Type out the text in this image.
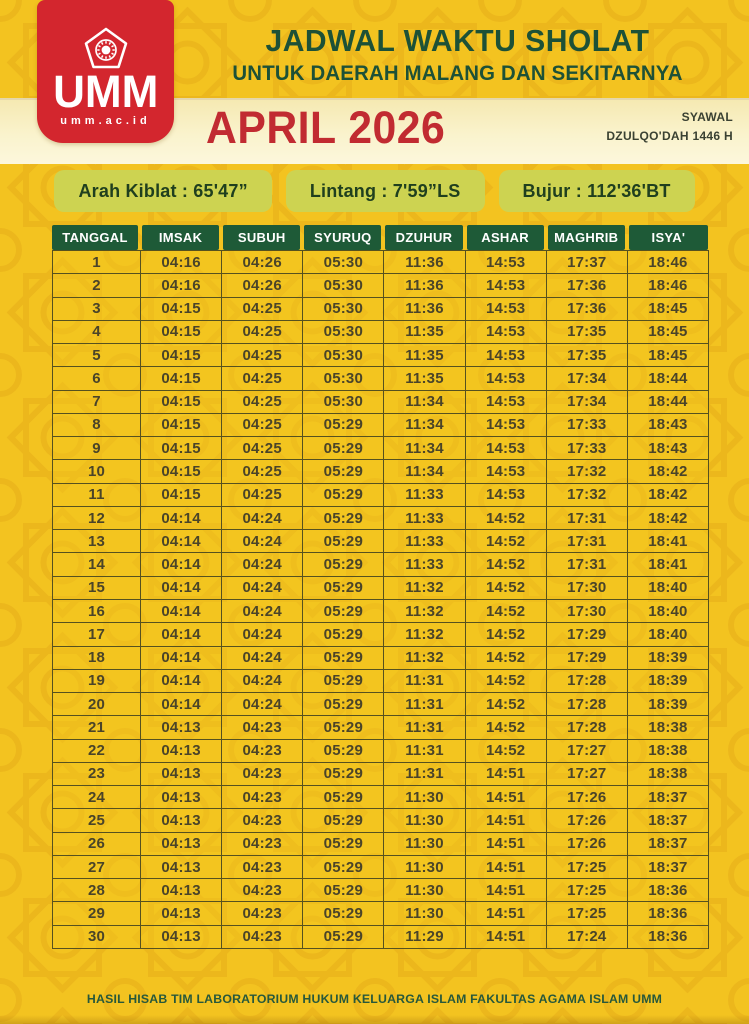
JADWAL WAKTU SHOLAT
UNTUK DAERAH MALANG DAN SEKITARNYA
APRIL 2026	SYAWAL
DZULQO'DAH 1446 H
UMM
umm.ac.id
Arah Kiblat : 65'47”	Lintang : 7'59”LS	Bujur : 112'36'BT
TANGGAL	IMSAK	SUBUH	SYURUQ	DZUHUR	ASHAR	MAGHRIB	ISYA'
1	04:16	04:26	05:30	11:36	14:53	17:37	18:46
2	04:16	04:26	05:30	11:36	14:53	17:36	18:46
3	04:15	04:25	05:30	11:36	14:53	17:36	18:45
4	04:15	04:25	05:30	11:35	14:53	17:35	18:45
5	04:15	04:25	05:30	11:35	14:53	17:35	18:45
6	04:15	04:25	05:30	11:35	14:53	17:34	18:44
7	04:15	04:25	05:30	11:34	14:53	17:34	18:44
8	04:15	04:25	05:29	11:34	14:53	17:33	18:43
9	04:15	04:25	05:29	11:34	14:53	17:33	18:43
10	04:15	04:25	05:29	11:34	14:53	17:32	18:42
11	04:15	04:25	05:29	11:33	14:53	17:32	18:42
12	04:14	04:24	05:29	11:33	14:52	17:31	18:42
13	04:14	04:24	05:29	11:33	14:52	17:31	18:41
14	04:14	04:24	05:29	11:33	14:52	17:31	18:41
15	04:14	04:24	05:29	11:32	14:52	17:30	18:40
16	04:14	04:24	05:29	11:32	14:52	17:30	18:40
17	04:14	04:24	05:29	11:32	14:52	17:29	18:40
18	04:14	04:24	05:29	11:32	14:52	17:29	18:39
19	04:14	04:24	05:29	11:31	14:52	17:28	18:39
20	04:14	04:24	05:29	11:31	14:52	17:28	18:39
21	04:13	04:23	05:29	11:31	14:52	17:28	18:38
22	04:13	04:23	05:29	11:31	14:52	17:27	18:38
23	04:13	04:23	05:29	11:31	14:51	17:27	18:38
24	04:13	04:23	05:29	11:30	14:51	17:26	18:37
25	04:13	04:23	05:29	11:30	14:51	17:26	18:37
26	04:13	04:23	05:29	11:30	14:51	17:26	18:37
27	04:13	04:23	05:29	11:30	14:51	17:25	18:37
28	04:13	04:23	05:29	11:30	14:51	17:25	18:36
29	04:13	04:23	05:29	11:30	14:51	17:25	18:36
30	04:13	04:23	05:29	11:29	14:51	17:24	18:36
HASIL HISAB TIM LABORATORIUM HUKUM KELUARGA ISLAM FAKULTAS AGAMA ISLAM UMM
